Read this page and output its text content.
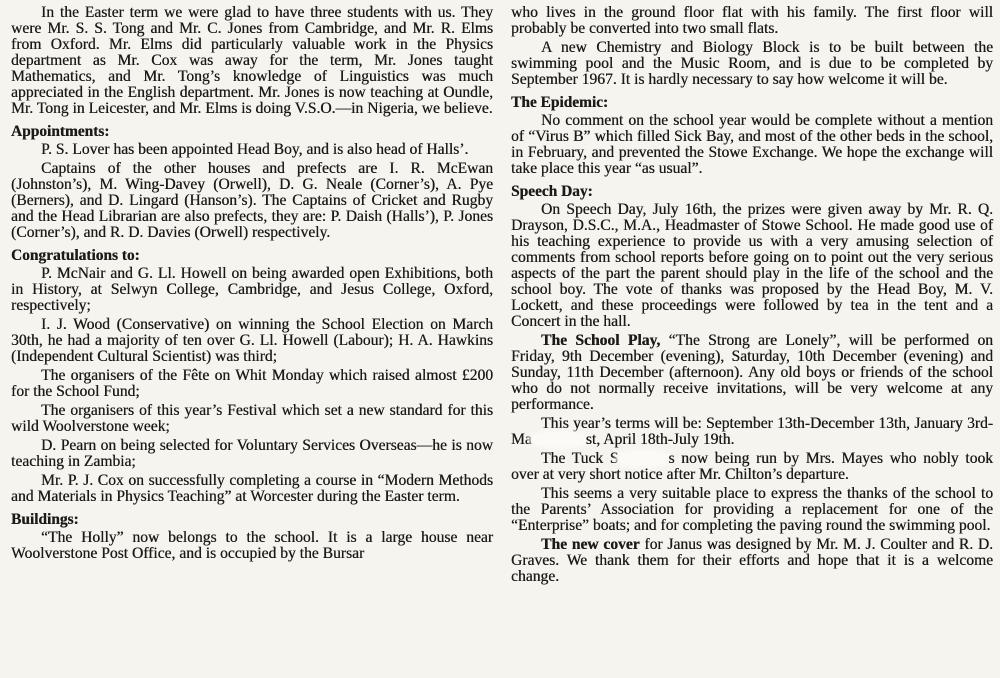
In the Easter term we were glad to have three students with us. They were Mr. S. S. Tong and Mr. C. Jones from Cambridge, and Mr. R. Elms from Oxford. Mr. Elms did particularly valuable work in the Physics department as Mr. Cox was away for the term, Mr. Jones taught Mathematics, and Mr. Tong’s knowledge of Linguistics was much appreciated in the English department. Mr. Jones is now teaching at Oundle, Mr. Tong in Leicester, and Mr. Elms is doing V.S.O.—in Nigeria, we believe.

Appointments:

P. S. Lover has been appointed Head Boy, and is also head of Halls’.

Captains of the other houses and prefects are I. R. McEwan (Johnston’s), M. Wing-Davey (Orwell), D. G. Neale (Corner’s), A. Pye (Berners), and D. Lingard (Hanson’s). The Captains of Cricket and Rugby and the Head Librarian are also prefects, they are: P. Daish (Halls’), P. Jones (Corner’s), and R. D. Davies (Orwell) respectively.

Congratulations to:

P. McNair and G. Ll. Howell on being awarded open Exhibitions, both in History, at Selwyn College, Cambridge, and Jesus College, Oxford, respectively;

I. J. Wood (Conservative) on winning the School Election on March 30th, he had a majority of ten over G. Ll. Howell (Labour); H. A. Hawkins (Independent Cultural Scientist) was third;

The organisers of the Fête on Whit Monday which raised almost £200 for the School Fund;

The organisers of this year’s Festival which set a new standard for this wild Woolverstone week;

D. Pearn on being selected for Voluntary Services Overseas—he is now teaching in Zambia;

Mr. P. J. Cox on successfully completing a course in “Modern Methods and Materials in Physics Teaching” at Worcester during the Easter term.

Buildings:

“The Holly” now belongs to the school. It is a large house near Woolverstone Post Office, and is occupied by the Bursar

who lives in the ground floor flat with his family. The first floor will probably be converted into two small flats.

A new Chemistry and Biology Block is to be built between the swimming pool and the Music Room, and is due to be completed by September 1967. It is hardly necessary to say how welcome it will be.

The Epidemic:

No comment on the school year would be complete without a mention of “Virus B” which filled Sick Bay, and most of the other beds in the school, in February, and prevented the Stowe Exchange. We hope the exchange will take place this year “as usual”.

Speech Day:

On Speech Day, July 16th, the prizes were given away by Mr. R. Q. Drayson, D.S.C., M.A., Headmaster of Stowe School. He made good use of his teaching experience to provide us with a very amusing selection of comments from school reports before going on to point out the very serious aspects of the part the parent should play in the life of the school and the school boy. The vote of thanks was proposed by the Head Boy, M. V. Lockett, and these proceedings were followed by tea in the tent and a Concert in the hall.

The School Play, “The Strong are Lonely”, will be performed on Friday, 9th December (evening), Saturday, 10th December (evening) and Sunday, 11th December (afternoon). Any old boys or friends of the school who do not normally receive invitations, will be very welcome at any performance.

This year’s terms will be: September 13th-December 13th, January 3rd-Ma	st, April 18th-July 19th.

The Tuck S	s now being run by Mrs. Mayes who nobly took over at very short notice after Mr. Chilton’s departure.

This seems a very suitable place to express the thanks of the school to the Parents’ Association for providing a replacement for one of the “Enterprise” boats; and for completing the paving round the swimming pool.

The new cover for Janus was designed by Mr. M. J. Coulter and R. D. Graves. We thank them for their efforts and hope that it is a welcome change.
